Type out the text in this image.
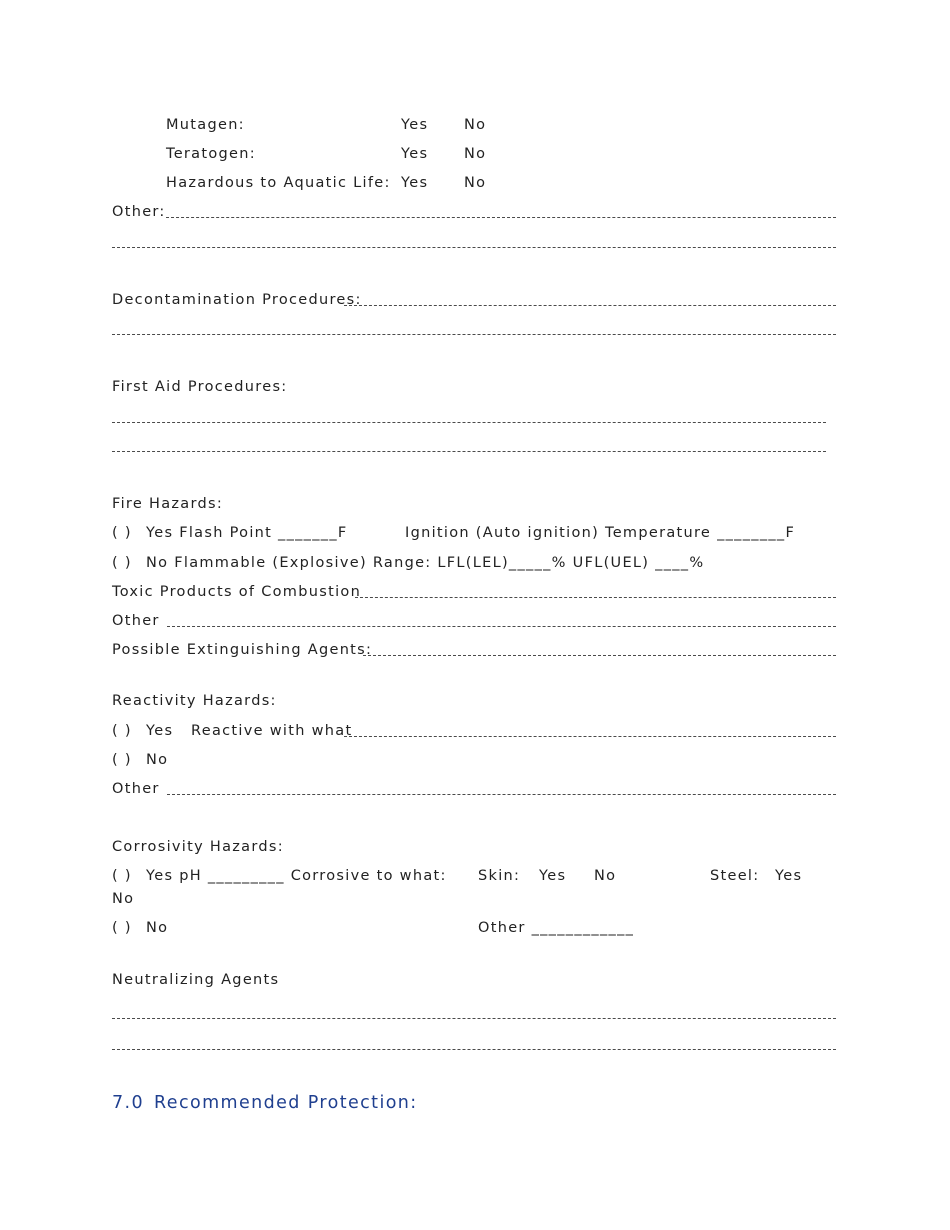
Mutagen:	Yes No
Teratogen:	Yes No
Hazardous to Aquatic Life: Yes No
Other:
Decontamination Procedures:
First Aid Procedures:
Fire Hazards:
( ) Yes Flash Point _______F	Ignition (Auto ignition) Temperature ________F
( ) No Flammable (Explosive) Range: LFL(LEL)_____% UFL(UEL) ____%
Toxic Products of Combustion
Other
Possible Extinguishing Agents:
Reactivity Hazards:
( ) Yes   Reactive with what
( ) No
Other
Corrosivity Hazards:
( ) Yes pH _________ Corrosive to what: Skin: Yes No	Steel: Yes
No
( ) No	Other ____________
Neutralizing Agents
7.0 Recommended Protection:
